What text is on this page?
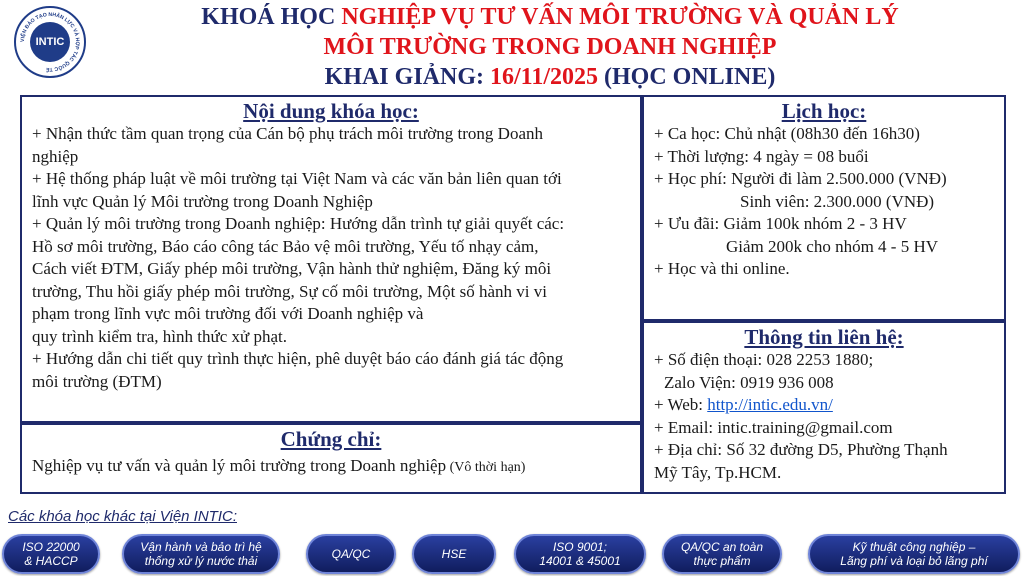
VIỆN ĐÀO TẠO NHÂN LỰC VÀ HỢP TÁC QUỐC TẾ
INTIC
KHOÁ HỌC NGHIỆP VỤ TƯ VẤN MÔI TRƯỜNG VÀ QUẢN LÝ
MÔI TRƯỜNG TRONG DOANH NGHIỆP
KHAI GIẢNG: 16/11/2025 (HỌC ONLINE)
Nội dung khóa học:
+ Nhận thức tầm quan trọng của Cán bộ phụ trách môi trường trong Doanh
nghiệp
+ Hệ thống pháp luật về môi trường tại Việt Nam và các văn bản liên quan tới
lĩnh vực Quản lý Môi trường trong Doanh Nghiệp
+ Quản lý môi trường trong Doanh nghiệp: Hướng dẫn trình tự giải quyết các:
Hồ sơ môi trường, Báo cáo công tác Bảo vệ môi trường, Yếu tố nhạy cảm,
Cách viết ĐTM, Giấy phép môi trường, Vận hành thử nghiệm, Đăng ký môi
trường, Thu hồi giấy phép môi trường, Sự cố môi trường, Một số hành vi vi
phạm trong lĩnh vực môi trường đối với Doanh nghiệp và
quy trình kiểm tra, hình thức xử phạt.
+ Hướng dẫn chi tiết quy trình thực hiện, phê duyệt báo cáo đánh giá tác động
môi trường (ĐTM)
Chứng chỉ:
Nghiệp vụ tư vấn và quản lý môi trường trong Doanh nghiệp (Vô thời hạn)
Lịch học:
+ Ca học: Chủ nhật (08h30 đến 16h30)
+ Thời lượng: 4 ngày = 08 buổi
+ Học phí: Người đi làm 2.500.000 (VNĐ)
Sinh viên: 2.300.000 (VNĐ)
+ Ưu đãi: Giảm 100k nhóm 2 - 3 HV
Giảm 200k cho nhóm 4 - 5 HV
+ Học và thi online.
Thông tin liên hệ:
+ Số điện thoại: 028 2253 1880;
Zalo Viện: 0919 936 008
+ Web: http://intic.edu.vn/
+ Email: intic.training@gmail.com
+ Địa chỉ: Số 32 đường D5, Phường Thạnh
Mỹ Tây, Tp.HCM.
Các khóa học khác tại Viện INTIC:
ISO 22000
& HACCP
Vận hành và bảo trì hệ
thống xử lý nước thải	QA/QC	HSE	ISO 9001;
14001 & 45001
QA/QC an toàn
thực phẩm
Kỹ thuật công nghiệp –
Lãng phí và loại bỏ lãng phí
